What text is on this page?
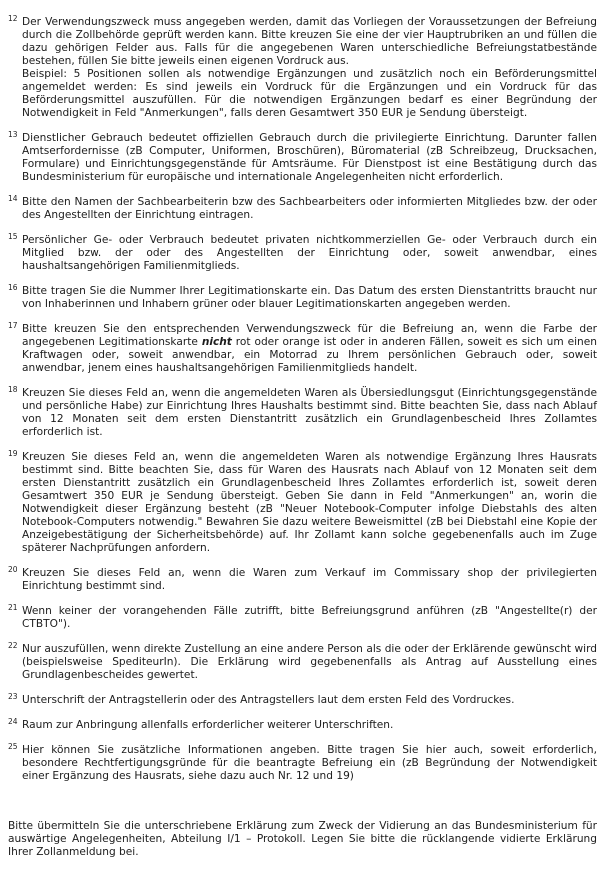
12 Der Verwendungszweck muss angegeben werden, damit das Vorliegen der Voraussetzungen der Befreiung durch die Zollbehörde geprüft werden kann. Bitte kreuzen Sie eine der vier Hauptrubriken an und füllen die dazu gehörigen Felder aus. Falls für die angegebenen Waren unterschiedliche Befreiungstatbestände bestehen, füllen Sie bitte jeweils einen eigenen Vordruck aus.

Beispiel: 5 Positionen sollen als notwendige Ergänzungen und zusätzlich noch ein Beförderungsmittel angemeldet werden: Es sind jeweils ein Vordruck für die Ergänzungen und ein Vordruck für das Beförderungsmittel auszufüllen. Für die notwendigen Ergänzungen bedarf es einer Begründung der Notwendigkeit in Feld "Anmerkungen", falls deren Gesamtwert 350 EUR je Sendung übersteigt.

13 Dienstlicher Gebrauch bedeutet offiziellen Gebrauch durch die privilegierte Einrichtung. Darunter fallen Amtserfordernisse (zB Computer, Uniformen, Broschüren), Büromaterial (zB Schreibzeug, Drucksachen, Formulare) und Einrichtungsgegenstände für Amtsräume. Für Dienstpost ist eine Bestätigung durch das Bundesministerium für europäische und internationale Angelegenheiten nicht erforderlich.

14 Bitte den Namen der Sachbearbeiterin bzw des Sachbearbeiters oder informierten Mitgliedes bzw. der oder des Angestellten der Einrichtung eintragen.

15 Persönlicher Ge- oder Verbrauch bedeutet privaten nichtkommerziellen Ge- oder Verbrauch durch ein Mitglied bzw. der oder des Angestellten der Einrichtung oder, soweit anwendbar, eines haushaltsangehörigen Familienmitglieds.

16 Bitte tragen Sie die Nummer Ihrer Legitimationskarte ein. Das Datum des ersten Dienstantritts braucht nur von Inhaberinnen und Inhabern grüner oder blauer Legitimationskarten angegeben werden.

17 Bitte kreuzen Sie den entsprechenden Verwendungszweck für die Befreiung an, wenn die Farbe der angegebenen Legitimationskarte nicht rot oder orange ist oder in anderen Fällen, soweit es sich um einen Kraftwagen oder, soweit anwendbar, ein Motorrad zu Ihrem persönlichen Gebrauch oder, soweit anwendbar, jenem eines haushaltsangehörigen Familienmitglieds handelt.

18 Kreuzen Sie dieses Feld an, wenn die angemeldeten Waren als Übersiedlungsgut (Einrichtungsgegenstände und persönliche Habe) zur Einrichtung Ihres Haushalts bestimmt sind. Bitte beachten Sie, dass nach Ablauf von 12 Monaten seit dem ersten Dienstantritt zusätzlich ein Grundlagenbescheid Ihres Zollamtes erforderlich ist.

19 Kreuzen Sie dieses Feld an, wenn die angemeldeten Waren als notwendige Ergänzung Ihres Hausrats bestimmt sind. Bitte beachten Sie, dass für Waren des Hausrats nach Ablauf von 12 Monaten seit dem ersten Dienstantritt zusätzlich ein Grundlagenbescheid Ihres Zollamtes erforderlich ist, soweit deren Gesamtwert 350 EUR je Sendung übersteigt. Geben Sie dann in Feld "Anmerkungen" an, worin die Notwendigkeit dieser Ergänzung besteht (zB "Neuer Notebook-Computer infolge Diebstahls des alten Notebook-Computers notwendig." Bewahren Sie dazu weitere Beweismittel (zB bei Diebstahl eine Kopie der Anzeigebestätigung der Sicherheitsbehörde) auf. Ihr Zollamt kann solche gegebenenfalls auch im Zuge späterer Nachprüfungen anfordern.

20 Kreuzen Sie dieses Feld an, wenn die Waren zum Verkauf im Commissary shop der privilegierten Einrichtung bestimmt sind.

21 Wenn keiner der vorangehenden Fälle zutrifft, bitte Befreiungsgrund anführen (zB "Angestellte(r) der CTBTO").

22 Nur auszufüllen, wenn direkte Zustellung an eine andere Person als die oder der Erklärende gewünscht wird (beispielsweise SpediteurIn). Die Erklärung wird gegebenenfalls als Antrag auf Ausstellung eines Grundlagenbescheides gewertet.

23 Unterschrift der Antragstellerin oder des Antragstellers laut dem ersten Feld des Vordruckes.

24 Raum zur Anbringung allenfalls erforderlicher weiterer Unterschriften.

25 Hier können Sie zusätzliche Informationen angeben. Bitte tragen Sie hier auch, soweit erforderlich, besondere Rechtfertigungsgründe für die beantragte Befreiung ein (zB Begründung der Notwendigkeit einer Ergänzung des Hausrats, siehe dazu auch Nr. 12 und 19)

Bitte übermitteln Sie die unterschriebene Erklärung zum Zweck der Vidierung an das Bundesministerium für auswärtige Angelegenheiten, Abteilung I/1 – Protokoll. Legen Sie bitte die rücklangende vidierte Erklärung Ihrer Zollanmeldung bei.
